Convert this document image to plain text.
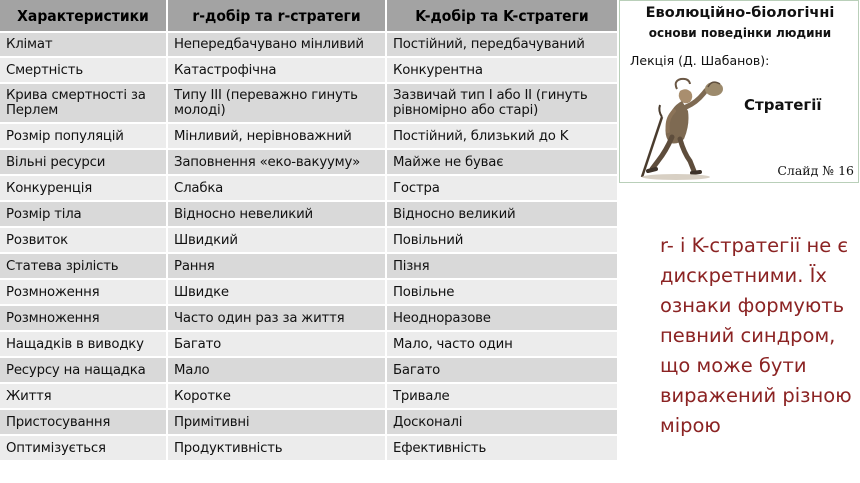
Характеристики	r-добір та r-стратеги	K-добір та K-стратеги
Клімат	Непередбачувано мінливий	Постійний, передбачуваний
Смертність	Катастрофічна	Конкурентна
Крива смертності за Перлем	Типу III (переважно гинуть молоді)	Зазвичай тип I або II (гинуть рівномірно або старі)
Розмір популяцій	Мінливий, нерівноважний	Постійний, близький до K
Вільні ресурси	Заповнення «еко-вакууму»	Майже не буває
Конкуренція	Слабка	Гостра
Розмір тіла	Відносно невеликий	Відносно великий
Розвиток	Швидкий	Повільний
Статева зрілість	Рання	Пізня
Розмноження	Швидке	Повільне
Розмноження	Часто один раз за життя	Неодноразове
Нащадків в виводку	Багато	Мало, часто один
Ресурсу на нащадка	Мало	Багато
Життя	Коротке	Тривале
Пристосування	Примітивні	Досконалі
Оптимізується	Продуктивність	Ефективність
Еволюційно-біологічні
основи поведінки людини
Лекція (Д. Шабанов):
Стратегії
Слайд № 16
r- і K-стратегії не є дискретними. Їх ознаки формують певний синдром, що може бути виражений різною мірою
